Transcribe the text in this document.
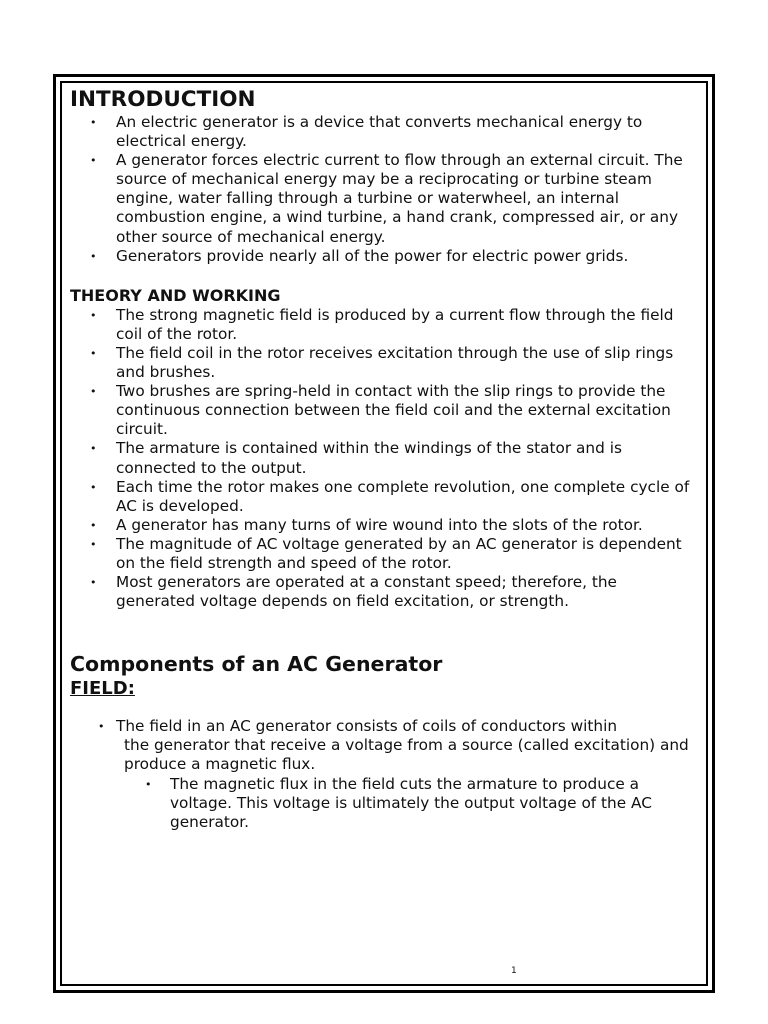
INTRODUCTION
• An electric generator is a device that converts mechanical energy to electrical energy.
• A generator forces electric current to flow through an external circuit. The source of mechanical energy may be a reciprocating or turbine steam engine, water falling through a turbine or waterwheel, an internal combustion engine, a wind turbine, a hand crank, compressed air, or any other source of mechanical energy.
• Generators provide nearly all of the power for electric power grids.
THEORY AND WORKING
• The strong magnetic field is produced by a current flow through the field coil of the rotor.
• The field coil in the rotor receives excitation through the use of slip rings and brushes.
• Two brushes are spring-held in contact with the slip rings to provide the continuous connection between the field coil and the external excitation circuit.
• The armature is contained within the windings of the stator and is connected to the output.
• Each time the rotor makes one complete revolution, one complete cycle of AC is developed.
• A generator has many turns of wire wound into the slots of the rotor.
• The magnitude of AC voltage generated by an AC generator is dependent on the field strength and speed of the rotor.
• Most generators are operated at a constant speed; therefore, the generated voltage depends on field excitation, or strength.
Components of an AC Generator
FIELD:
• The field in an AC generator consists of coils of conductors within
the generator that receive a voltage from a source (called excitation) and produce a magnetic flux.
• The magnetic flux in the field cuts the armature to produce a voltage. This voltage is ultimately the output voltage of the AC generator.
1
